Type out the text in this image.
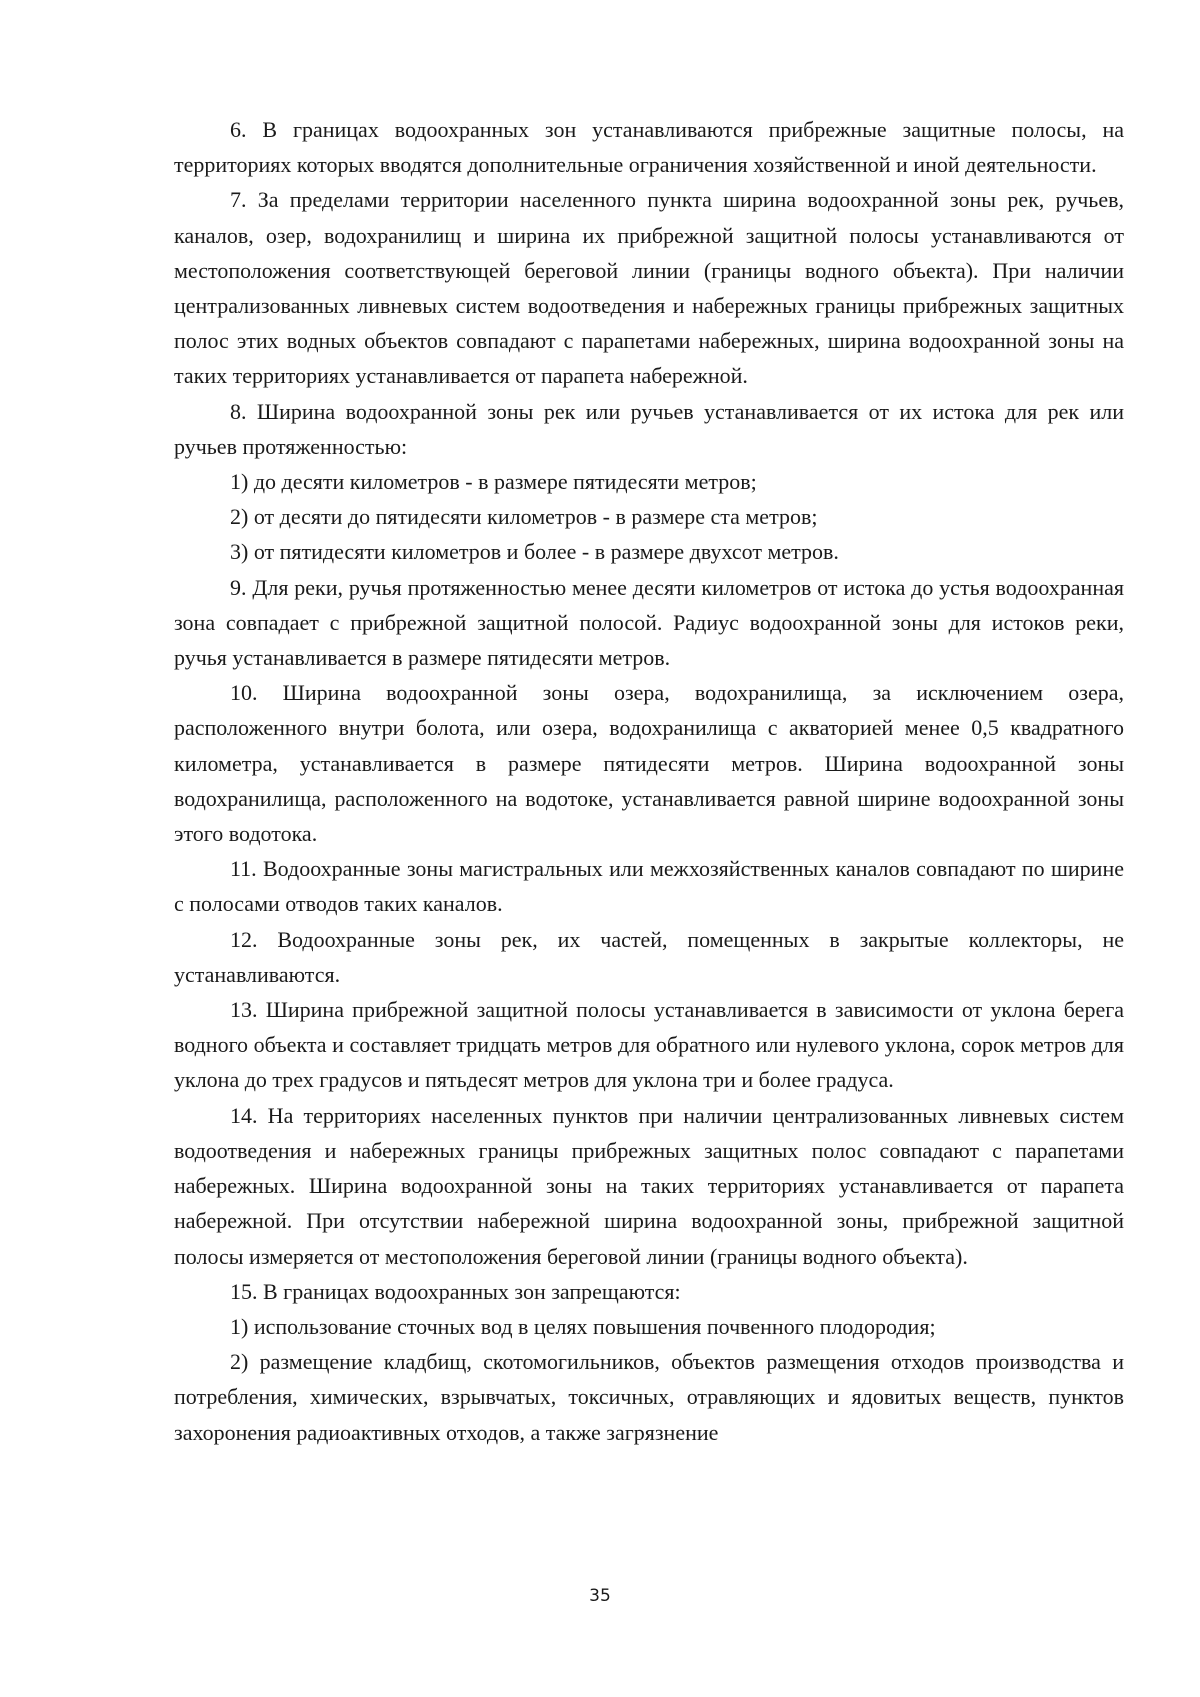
6. В границах водоохранных зон устанавливаются прибрежные защитные полосы, на территориях которых вводятся дополнительные ограничения хозяйственной и иной деятельности.

7. За пределами территории населенного пункта ширина водоохранной зоны рек, ручьев, каналов, озер, водохранилищ и ширина их прибрежной защитной полосы устанавливаются от местоположения соответствующей береговой линии (границы водного объекта). При наличии централизованных ливневых систем водоотведения и набережных границы прибрежных защитных полос этих водных объектов совпадают с парапетами набережных, ширина водоохранной зоны на таких территориях устанавливается от парапета набережной.

8. Ширина водоохранной зоны рек или ручьев устанавливается от их истока для рек или ручьев протяженностью:

1) до десяти километров - в размере пятидесяти метров;

2) от десяти до пятидесяти километров - в размере ста метров;

3) от пятидесяти километров и более - в размере двухсот метров.

9. Для реки, ручья протяженностью менее десяти километров от истока до устья водоохранная зона совпадает с прибрежной защитной полосой. Радиус водоохранной зоны для истоков реки, ручья устанавливается в размере пятидесяти метров.

10. Ширина водоохранной зоны озера, водохранилища, за исключением озера, расположенного внутри болота, или озера, водохранилища с акваторией менее 0,5 квадратного километра, устанавливается в размере пятидесяти метров. Ширина водоохранной зоны водохранилища, расположенного на водотоке, устанавливается равной ширине водоохранной зоны этого водотока.

11. Водоохранные зоны магистральных или межхозяйственных каналов совпадают по ширине с полосами отводов таких каналов.

12. Водоохранные зоны рек, их частей, помещенных в закрытые коллекторы, не устанавливаются.

13. Ширина прибрежной защитной полосы устанавливается в зависимости от уклона берега водного объекта и составляет тридцать метров для обратного или нулевого уклона, сорок метров для уклона до трех градусов и пятьдесят метров для уклона три и более градуса.

14. На территориях населенных пунктов при наличии централизованных ливневых систем водоотведения и набережных границы прибрежных защитных полос совпадают с парапетами набережных. Ширина водоохранной зоны на таких территориях устанавливается от парапета набережной. При отсутствии набережной ширина водоохранной зоны, прибрежной защитной полосы измеряется от местоположения береговой линии (границы водного объекта).

15. В границах водоохранных зон запрещаются:

1) использование сточных вод в целях повышения почвенного плодородия;

2) размещение кладбищ, скотомогильников, объектов размещения отходов производства и потребления, химических, взрывчатых, токсичных, отравляющих и ядовитых веществ, пунктов захоронения радиоактивных отходов, а также загрязнение

35
